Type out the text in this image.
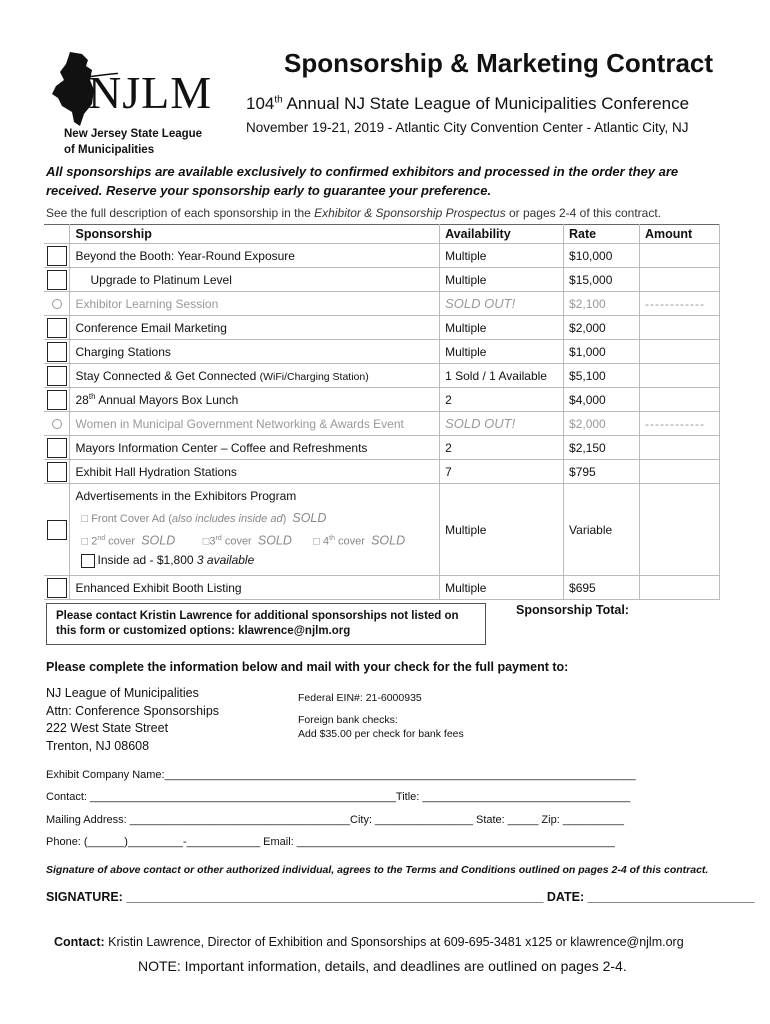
NJLM
New Jersey State League
of Municipalities
Sponsorship & Marketing Contract
104th Annual NJ State League of Municipalities Conference
November 19-21, 2019 - Atlantic City Convention Center - Atlantic City, NJ
All sponsorships are available exclusively to confirmed exhibitors and processed in the order they are received. Reserve your sponsorship early to guarantee your preference.
See the full description of each sponsorship in the Exhibitor & Sponsorship Prospectus or pages 2-4 of this contract.
	Sponsorship	Availability	Rate	Amount
	Beyond the Booth: Year-Round Exposure	Multiple	$10,000	
	Upgrade to Platinum Level	Multiple	$15,000	
	Exhibitor Learning Session	SOLD OUT!	$2,100	------------
	Conference Email Marketing	Multiple	$2,000	
	Charging Stations	Multiple	$1,000	
	Stay Connected & Get Connected (WiFi/Charging Station)	1 Sold / 1 Available	$5,100	
	28th Annual Mayors Box Lunch	2	$4,000	
	Women in Municipal Government Networking & Awards Event	SOLD OUT!	$2,000	------------
	Mayors Information Center – Coffee and Refreshments	2	$2,150	
	Exhibit Hall Hydration Stations	7	$795	

	Advertisements in the Exhibitors Program
□ Front Cover Ad (also includes inside ad) SOLD
□ 2nd cover SOLD         □3rd cover SOLD       □ 4th cover SOLD
Inside ad - $1,800 3 available	Multiple	Variable	
	Enhanced Exhibit Booth Listing	Multiple	$695	
Please contact Kristin Lawrence for additional sponsorships not listed on this form or customized options: klawrence@njlm.org
Sponsorship Total:
Please complete the information below and mail with your check for the full payment to:
NJ League of Municipalities
Attn: Conference Sponsorships
222 West State Street
Trenton, NJ 08608
Federal EIN#: 21-6000935
Foreign bank checks:
Add $35.00 per check for bank fees
Exhibit Company Name:_____________________________________________________________________________
Contact: __________________________________________________Title: __________________________________
Mailing Address: ____________________________________City: ________________ State: _____ Zip: __________
Phone: (______)_________-____________ Email: ____________________________________________________
Signature of above contact or other authorized individual, agrees to the Terms and Conditions outlined on pages 2-4 of this contract.
SIGNATURE: ____________________________________________________________ DATE: ________________________
Contact: Kristin Lawrence, Director of Exhibition and Sponsorships at 609-695-3481 x125 or klawrence@njlm.org
NOTE: Important information, details, and deadlines are outlined on pages 2-4.
